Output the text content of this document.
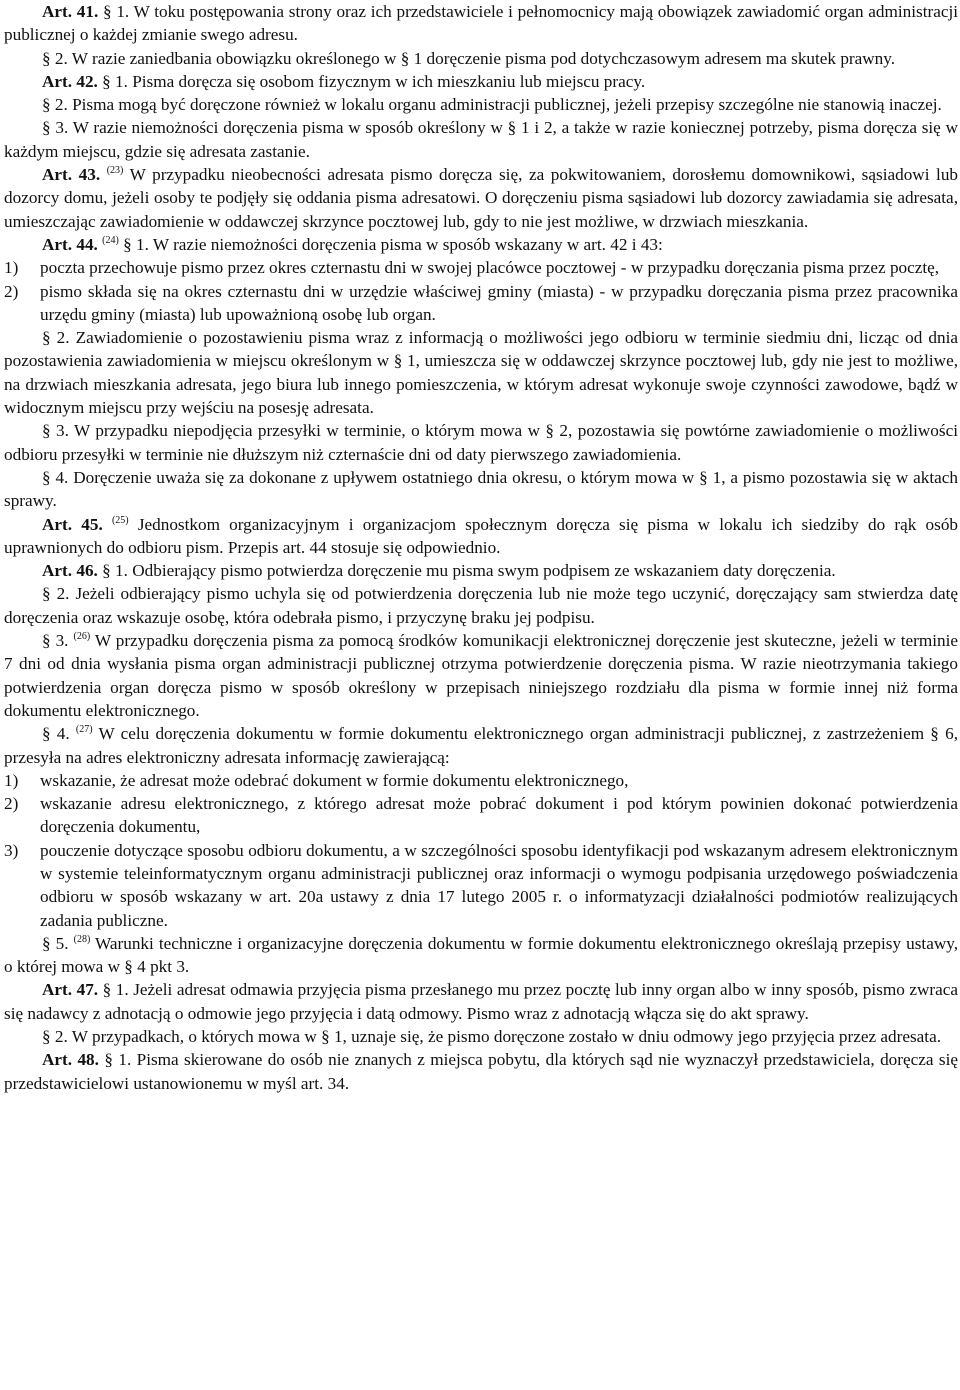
Art. 41. § 1. W toku postępowania strony oraz ich przedstawiciele i pełnomocnicy mają obowiązek zawiadomić organ administracji publicznej o każdej zmianie swego adresu.

§ 2. W razie zaniedbania obowiązku określonego w § 1 doręczenie pisma pod dotychczasowym adresem ma skutek prawny.

Art. 42. § 1. Pisma doręcza się osobom fizycznym w ich mieszkaniu lub miejscu pracy.

§ 2. Pisma mogą być doręczone również w lokalu organu administracji publicznej, jeżeli przepisy szczególne nie stanowią inaczej.

§ 3. W razie niemożności doręczenia pisma w sposób określony w § 1 i 2, a także w razie koniecznej potrzeby, pisma doręcza się w każdym miejscu, gdzie się adresata zastanie.

Art. 43. $^{(23)}$ W przypadku nieobecności adresata pismo doręcza się, za pokwitowaniem, dorosłemu domownikowi, sąsiadowi lub dozorcy domu, jeżeli osoby te podjęły się oddania pisma adresatowi. O doręczeniu pisma sąsiadowi lub dozorcy zawiadamia się adresata, umieszczając zawiadomienie w oddawczej skrzynce pocztowej lub, gdy to nie jest możliwe, w drzwiach mieszkania.

Art. 44. $^{(24)}$ § 1. W razie niemożności doręczenia pisma w sposób wskazany w art. 42 i 43:

1) poczta przechowuje pismo przez okres czternastu dni w swojej placówce pocztowej - w przypadku doręczania pisma przez pocztę,

2) pismo składa się na okres czternastu dni w urzędzie właściwej gminy (miasta) - w przypadku doręczania pisma przez pracownika urzędu gminy (miasta) lub upoważnioną osobę lub organ.

§ 2. Zawiadomienie o pozostawieniu pisma wraz z informacją o możliwości jego odbioru w terminie siedmiu dni, licząc od dnia pozostawienia zawiadomienia w miejscu określonym w § 1, umieszcza się w oddawczej skrzynce pocztowej lub, gdy nie jest to możliwe, na drzwiach mieszkania adresata, jego biura lub innego pomieszczenia, w którym adresat wykonuje swoje czynności zawodowe, bądź w widocznym miejscu przy wejściu na posesję adresata.

§ 3. W przypadku niepodjęcia przesyłki w terminie, o którym mowa w § 2, pozostawia się powtórne zawiadomienie o możliwości odbioru przesyłki w terminie nie dłuższym niż czternaście dni od daty pierwszego zawiadomienia.

§ 4. Doręczenie uważa się za dokonane z upływem ostatniego dnia okresu, o którym mowa w § 1, a pismo pozostawia się w aktach sprawy.

Art. 45. $^{(25)}$ Jednostkom organizacyjnym i organizacjom społecznym doręcza się pisma w lokalu ich siedziby do rąk osób uprawnionych do odbioru pism. Przepis art. 44 stosuje się odpowiednio.

Art. 46. § 1. Odbierający pismo potwierdza doręczenie mu pisma swym podpisem ze wskazaniem daty doręczenia.

§ 2. Jeżeli odbierający pismo uchyla się od potwierdzenia doręczenia lub nie może tego uczynić, doręczający sam stwierdza datę doręczenia oraz wskazuje osobę, która odebrała pismo, i przyczynę braku jej podpisu.

§ 3. $^{(26)}$ W przypadku doręczenia pisma za pomocą środków komunikacji elektronicznej doręczenie jest skuteczne, jeżeli w terminie 7 dni od dnia wysłania pisma organ administracji publicznej otrzyma potwierdzenie doręczenia pisma. W razie nieotrzymania takiego potwierdzenia organ doręcza pismo w sposób określony w przepisach niniejszego rozdziału dla pisma w formie innej niż forma dokumentu elektronicznego.

§ 4. $^{(27)}$ W celu doręczenia dokumentu w formie dokumentu elektronicznego organ administracji publicznej, z zastrzeżeniem § 6, przesyła na adres elektroniczny adresata informację zawierającą:

1) wskazanie, że adresat może odebrać dokument w formie dokumentu elektronicznego,

2) wskazanie adresu elektronicznego, z którego adresat może pobrać dokument i pod którym powinien dokonać potwierdzenia doręczenia dokumentu,

3) pouczenie dotyczące sposobu odbioru dokumentu, a w szczególności sposobu identyfikacji pod wskazanym adresem elektronicznym w systemie teleinformatycznym organu administracji publicznej oraz informacji o wymogu podpisania urzędowego poświadczenia odbioru w sposób wskazany w art. 20a ustawy z dnia 17 lutego 2005 r. o informatyzacji działalności podmiotów realizujących zadania publiczne.

§ 5. $^{(28)}$ Warunki techniczne i organizacyjne doręczenia dokumentu w formie dokumentu elektronicznego określają przepisy ustawy, o której mowa w § 4 pkt 3.

Art. 47. § 1. Jeżeli adresat odmawia przyjęcia pisma przesłanego mu przez pocztę lub inny organ albo w inny sposób, pismo zwraca się nadawcy z adnotacją o odmowie jego przyjęcia i datą odmowy. Pismo wraz z adnotacją włącza się do akt sprawy.

§ 2. W przypadkach, o których mowa w § 1, uznaje się, że pismo doręczone zostało w dniu odmowy jego przyjęcia przez adresata.

Art. 48. § 1. Pisma skierowane do osób nie znanych z miejsca pobytu, dla których sąd nie wyznaczył przedstawiciela, doręcza się przedstawicielowi ustanowionemu w myśl art. 34.
